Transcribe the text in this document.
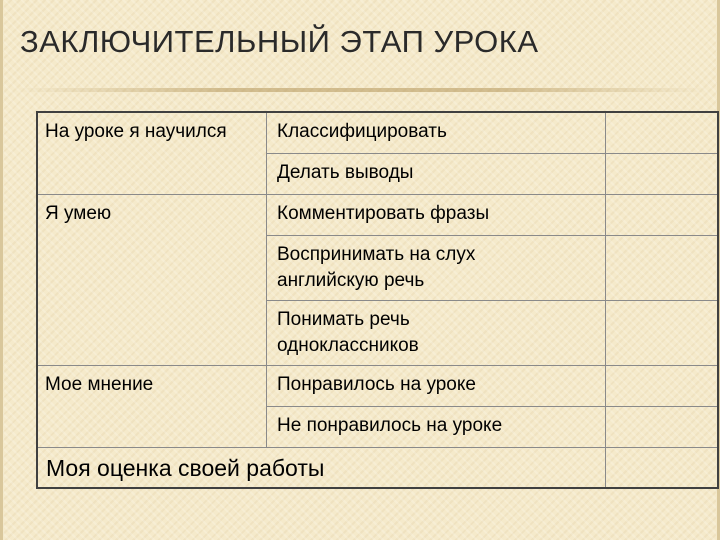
ЗАКЛЮЧИТЕЛЬНЫЙ ЭТАП УРОКА
На уроке я научился	Классифицировать	
	Делать выводы	
Я умею	Комментировать фразы	

	Воспринимать на слух
английскую речь	

	Понимать речь
одноклассников	

Мое мнение	Понравилось на уроке	
	Не понравилось на уроке	
Моя оценка своей работы		
